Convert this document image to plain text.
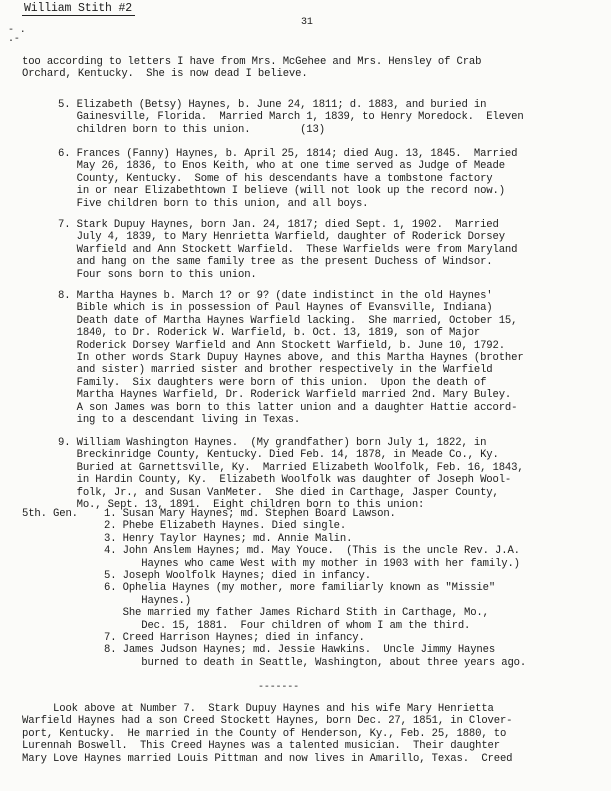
William Stith #2
31
- .
.-
too according to letters I have from Mrs. McGehee and Mrs. Hensley of Crab
Orchard, Kentucky.  She is now dead I believe.
5. Elizabeth (Betsy) Haynes, b. June 24, 1811; d. 1883, and buried in
Gainesville, Florida.  Married March 1, 1839, to Henry Moredock.  Eleven
children born to this union.        (13)
6. Frances (Fanny) Haynes, b. April 25, 1814; died Aug. 13, 1845.  Married
May 26, 1836, to Enos Keith, who at one time served as Judge of Meade
County, Kentucky.  Some of his descendants have a tombstone factory
in or near Elizabethtown I believe (will not look up the record now.)
Five children born to this union, and all boys.
7. Stark Dupuy Haynes, born Jan. 24, 1817; died Sept. 1, 1902.  Married
July 4, 1839, to Mary Henrietta Warfield, daughter of Roderick Dorsey
Warfield and Ann Stockett Warfield.  These Warfields were from Maryland
and hang on the same family tree as the present Duchess of Windsor.
Four sons born to this union.
8. Martha Haynes b. March 1? or 9? (date indistinct in the old Haynes'
Bible which is in possession of Paul Haynes of Evansville, Indiana)
Death date of Martha Haynes Warfield lacking.  She married, October 15,
1840, to Dr. Roderick W. Warfield, b. Oct. 13, 1819, son of Major
Roderick Dorsey Warfield and Ann Stockett Warfield, b. June 10, 1792.
In other words Stark Dupuy Haynes above, and this Martha Haynes (brother
and sister) married sister and brother respectively in the Warfield
Family.  Six daughters were born of this union.  Upon the death of
Martha Haynes Warfield, Dr. Roderick Warfield married 2nd. Mary Buley.
A son James was born to this latter union and a daughter Hattie accord-
ing to a descendant living in Texas.
9. William Washington Haynes.  (My grandfather) born July 1, 1822, in
Breckinridge County, Kentucky. Died Feb. 14, 1878, in Meade Co., Ky.
Buried at Garnettsville, Ky.  Married Elizabeth Woolfolk, Feb. 16, 1843,
in Hardin County, Ky.  Elizabeth Woolfolk was daughter of Joseph Wool-
folk, Jr., and Susan VanMeter.  She died in Carthage, Jasper County,
Mo., Sept. 13, 1891.  Eight children born to this union:
1. Susan Mary Haynes; md. Stephen Board Lawson.
2. Phebe Elizabeth Haynes. Died single.
3. Henry Taylor Haynes; md. Annie Malin.
4. John Anslem Haynes; md. May Youce.  (This is the uncle Rev. J.A.
Haynes who came West with my mother in 1903 with her family.)
5. Joseph Woolfolk Haynes; died in infancy.
6. Ophelia Haynes (my mother, more familiarly known as "Missie"
Haynes.)
She married my father James Richard Stith in Carthage, Mo.,
Dec. 15, 1881.  Four children of whom I am the third.
7. Creed Harrison Haynes; died in infancy.
8. James Judson Haynes; md. Jessie Hawkins.  Uncle Jimmy Haynes
burned to death in Seattle, Washington, about three years ago.
Look above at Number 7.  Stark Dupuy Haynes and his wife Mary Henrietta
Warfield Haynes had a son Creed Stockett Haynes, born Dec. 27, 1851, in Clover-
port, Kentucky.  He married in the County of Henderson, Ky., Feb. 25, 1880, to
Lurennah Boswell.  This Creed Haynes was a talented musician.  Their daughter
Mary Love Haynes married Louis Pittman and now lives in Amarillo, Texas.  Creed
5th. Gen.
-------
